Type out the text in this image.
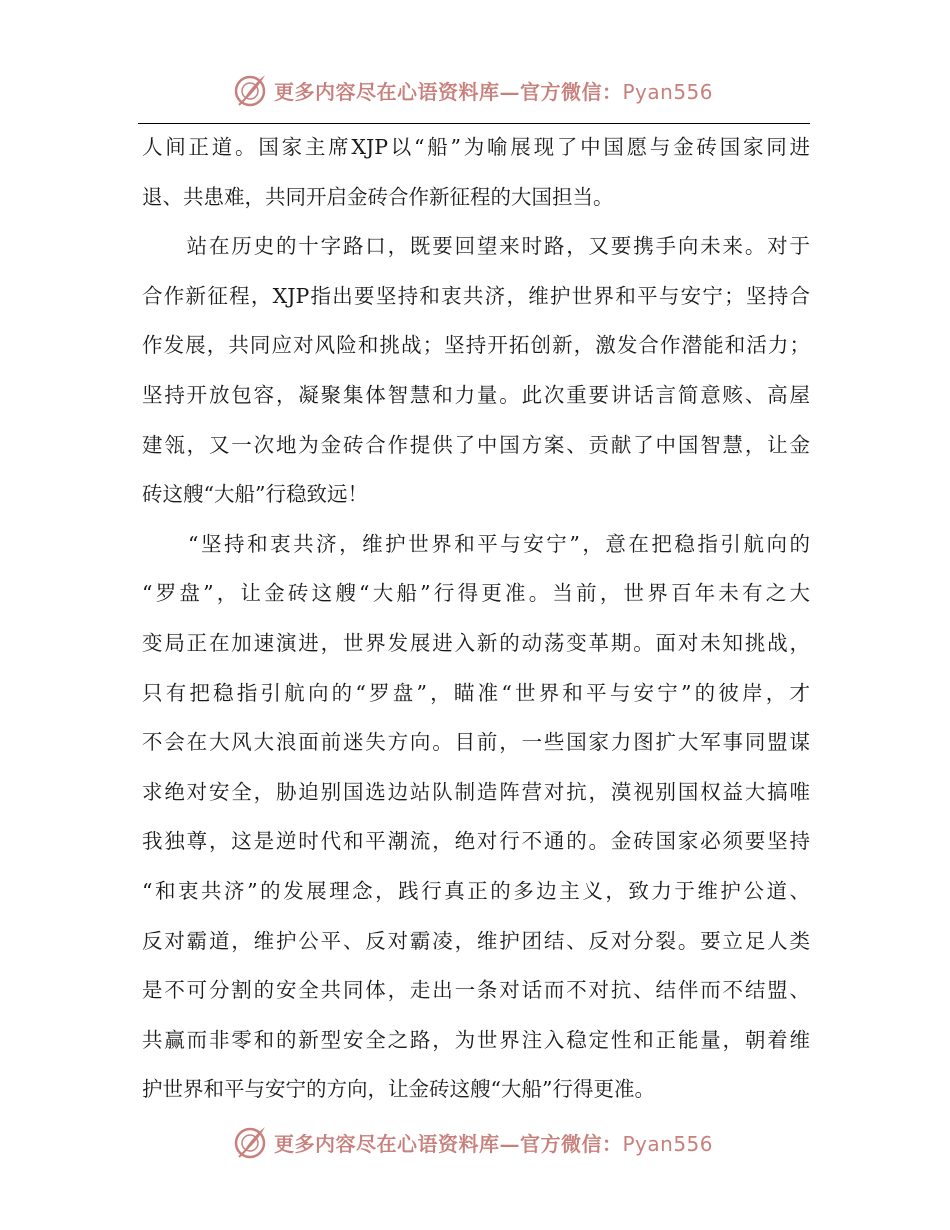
更多内容尽在心语资料库—官方微信：Pyan556
人间正道。国家主席XJP以“船”为喻展现了中国愿与金砖国家同进
退、共患难，共同开启金砖合作新征程的大国担当。
　　站在历史的十字路口，既要回望来时路，又要携手向未来。对于
合作新征程，XJP指出要坚持和衷共济，维护世界和平与安宁；坚持合
作发展，共同应对风险和挑战；坚持开拓创新，激发合作潜能和活力；
坚持开放包容，凝聚集体智慧和力量。此次重要讲话言简意赅、高屋
建瓴，又一次地为金砖合作提供了中国方案、贡献了中国智慧，让金
砖这艘“大船”行稳致远！
　　“坚持和衷共济，维护世界和平与安宁”，意在把稳指引航向的
“罗盘”，让金砖这艘“大船”行得更准。当前，世界百年未有之大
变局正在加速演进，世界发展进入新的动荡变革期。面对未知挑战，
只有把稳指引航向的“罗盘”，瞄准“世界和平与安宁”的彼岸，才
不会在大风大浪面前迷失方向。目前，一些国家力图扩大军事同盟谋
求绝对安全，胁迫别国选边站队制造阵营对抗，漠视别国权益大搞唯
我独尊，这是逆时代和平潮流，绝对行不通的。金砖国家必须要坚持
“和衷共济”的发展理念，践行真正的多边主义，致力于维护公道、
反对霸道，维护公平、反对霸凌，维护团结、反对分裂。要立足人类
是不可分割的安全共同体，走出一条对话而不对抗、结伴而不结盟、
共赢而非零和的新型安全之路，为世界注入稳定性和正能量，朝着维
护世界和平与安宁的方向，让金砖这艘“大船”行得更准。
更多内容尽在心语资料库—官方微信：Pyan556
